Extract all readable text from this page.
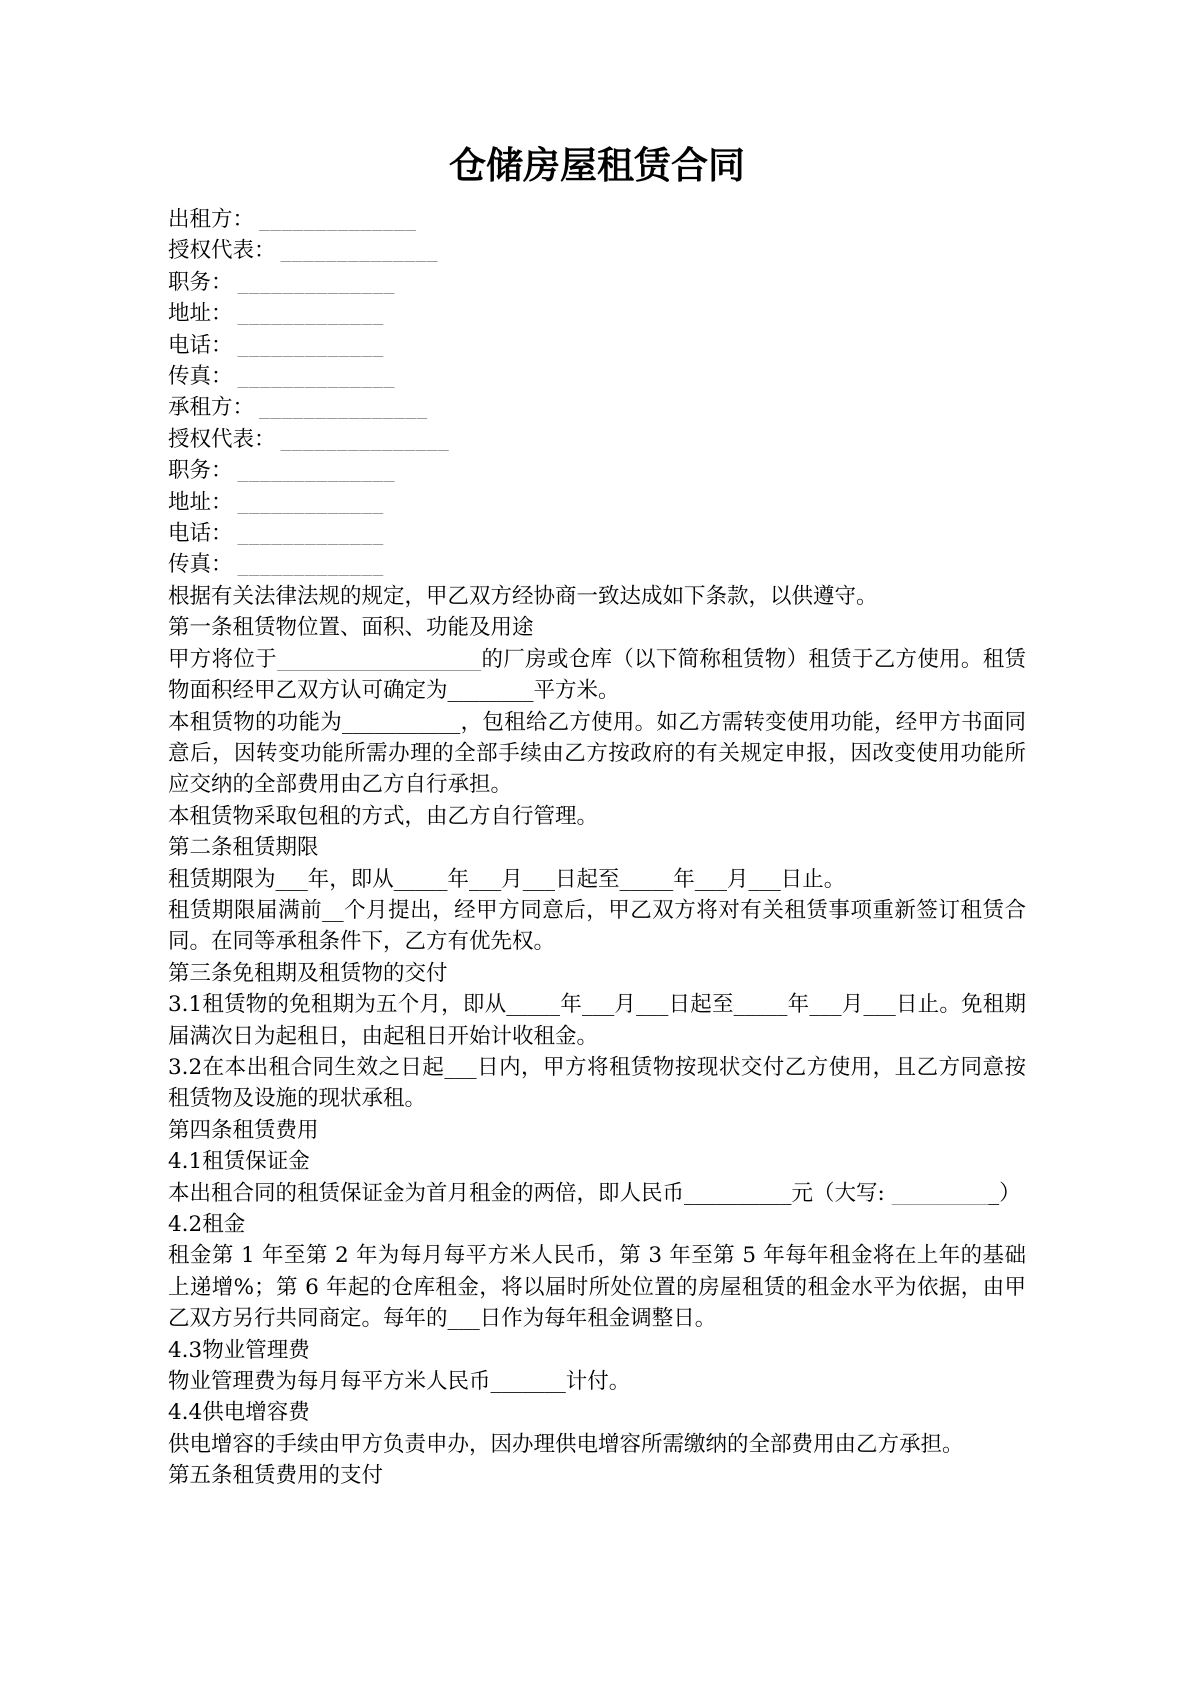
仓储房屋租赁合同

出租方： ______________

授权代表： ______________

职务： ______________

地址： _____________

电话： _____________

传真： ______________

承租方： _______________

授权代表： _______________

职务： ______________

地址： _____________

电话： _____________

传真： _____________

根据有关法律法规的规定，甲乙双方经协商一致达成如下条款，以供遵守。

第一条租赁物位置、面积、功能及用途

甲方将位于___________________的厂房或仓库（以下简称租赁物）租赁于乙方使用。租赁物面积经甲乙双方认可确定为________平方米。

本租赁物的功能为___________，包租给乙方使用。如乙方需转变使用功能，经甲方书面同意后，因转变功能所需办理的全部手续由乙方按政府的有关规定申报，因改变使用功能所应交纳的全部费用由乙方自行承担。

本租赁物采取包租的方式，由乙方自行管理。

第二条租赁期限

租赁期限为___年，即从_____年___月___日起至_____年___月___日止。

租赁期限届满前__个月提出，经甲方同意后，甲乙双方将对有关租赁事项重新签订租赁合同。在同等承租条件下，乙方有优先权。

第三条免租期及租赁物的交付

3.1租赁物的免租期为五个月，即从_____年___月___日起至_____年___月___日止。免租期届满次日为起租日，由起租日开始计收租金。

3.2在本出租合同生效之日起___日内，甲方将租赁物按现状交付乙方使用，且乙方同意按租赁物及设施的现状承租。

第四条租赁费用

4.1租赁保证金

本出租合同的租赁保证金为首月租金的两倍，即人民币__________元（大写: __________）

4.2租金

租金第 1 年至第 2 年为每月每平方米人民币，第 3 年至第 5 年每年租金将在上年的基础上递增%；第 6 年起的仓库租金，将以届时所处位置的房屋租赁的租金水平为依据，由甲乙双方另行共同商定。每年的___日作为每年租金调整日。

4.3物业管理费

物业管理费为每月每平方米人民币_______计付。

4.4供电增容费

供电增容的手续由甲方负责申办，因办理供电增容所需缴纳的全部费用由乙方承担。

第五条租赁费用的支付
